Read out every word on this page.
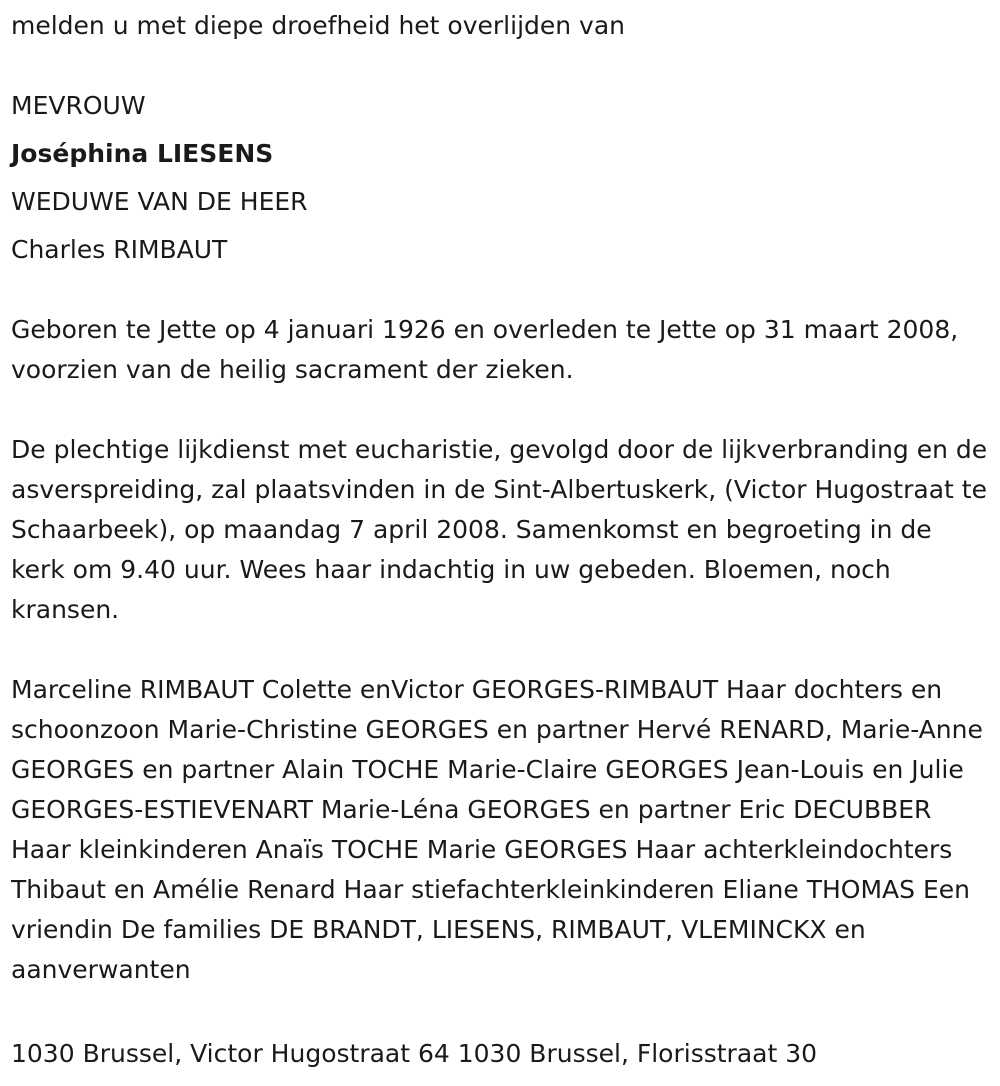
melden u met diepe droefheid het overlijden van

MEVROUW

Joséphina LIESENS

WEDUWE VAN DE HEER

Charles RIMBAUT

Geboren te Jette op 4 januari 1926 en overleden te Jette op 31 maart 2008, voorzien van de heilig sacrament der zieken.

De plechtige lijkdienst met eucharistie, gevolgd door de lijkverbranding en de asverspreiding, zal plaatsvinden in de Sint-Albertuskerk, (Victor Hugostraat te Schaarbeek), op maandag 7 april 2008. Samenkomst en begroeting in de kerk om 9.40 uur. Wees haar indachtig in uw gebeden. Bloemen, noch kransen.

Marceline RIMBAUT Colette enVictor GEORGES-RIMBAUT Haar dochters en schoonzoon Marie-Christine GEORGES en partner Hervé RENARD, Marie-Anne GEORGES en partner Alain TOCHE Marie-Claire GEORGES Jean-Louis en Julie GEORGES-ESTIEVENART Marie-Léna GEORGES en partner Eric DECUBBER Haar kleinkinderen Anaïs TOCHE Marie GEORGES Haar achterkleindochters Thibaut en Amélie Renard Haar stiefachterkleinkinderen Eliane THOMAS Een vriendin De families DE BRANDT, LIESENS, RIMBAUT, VLEMINCKX en aanverwanten

1030 Brussel, Victor Hugostraat 64 1030 Brussel, Florisstraat 30
